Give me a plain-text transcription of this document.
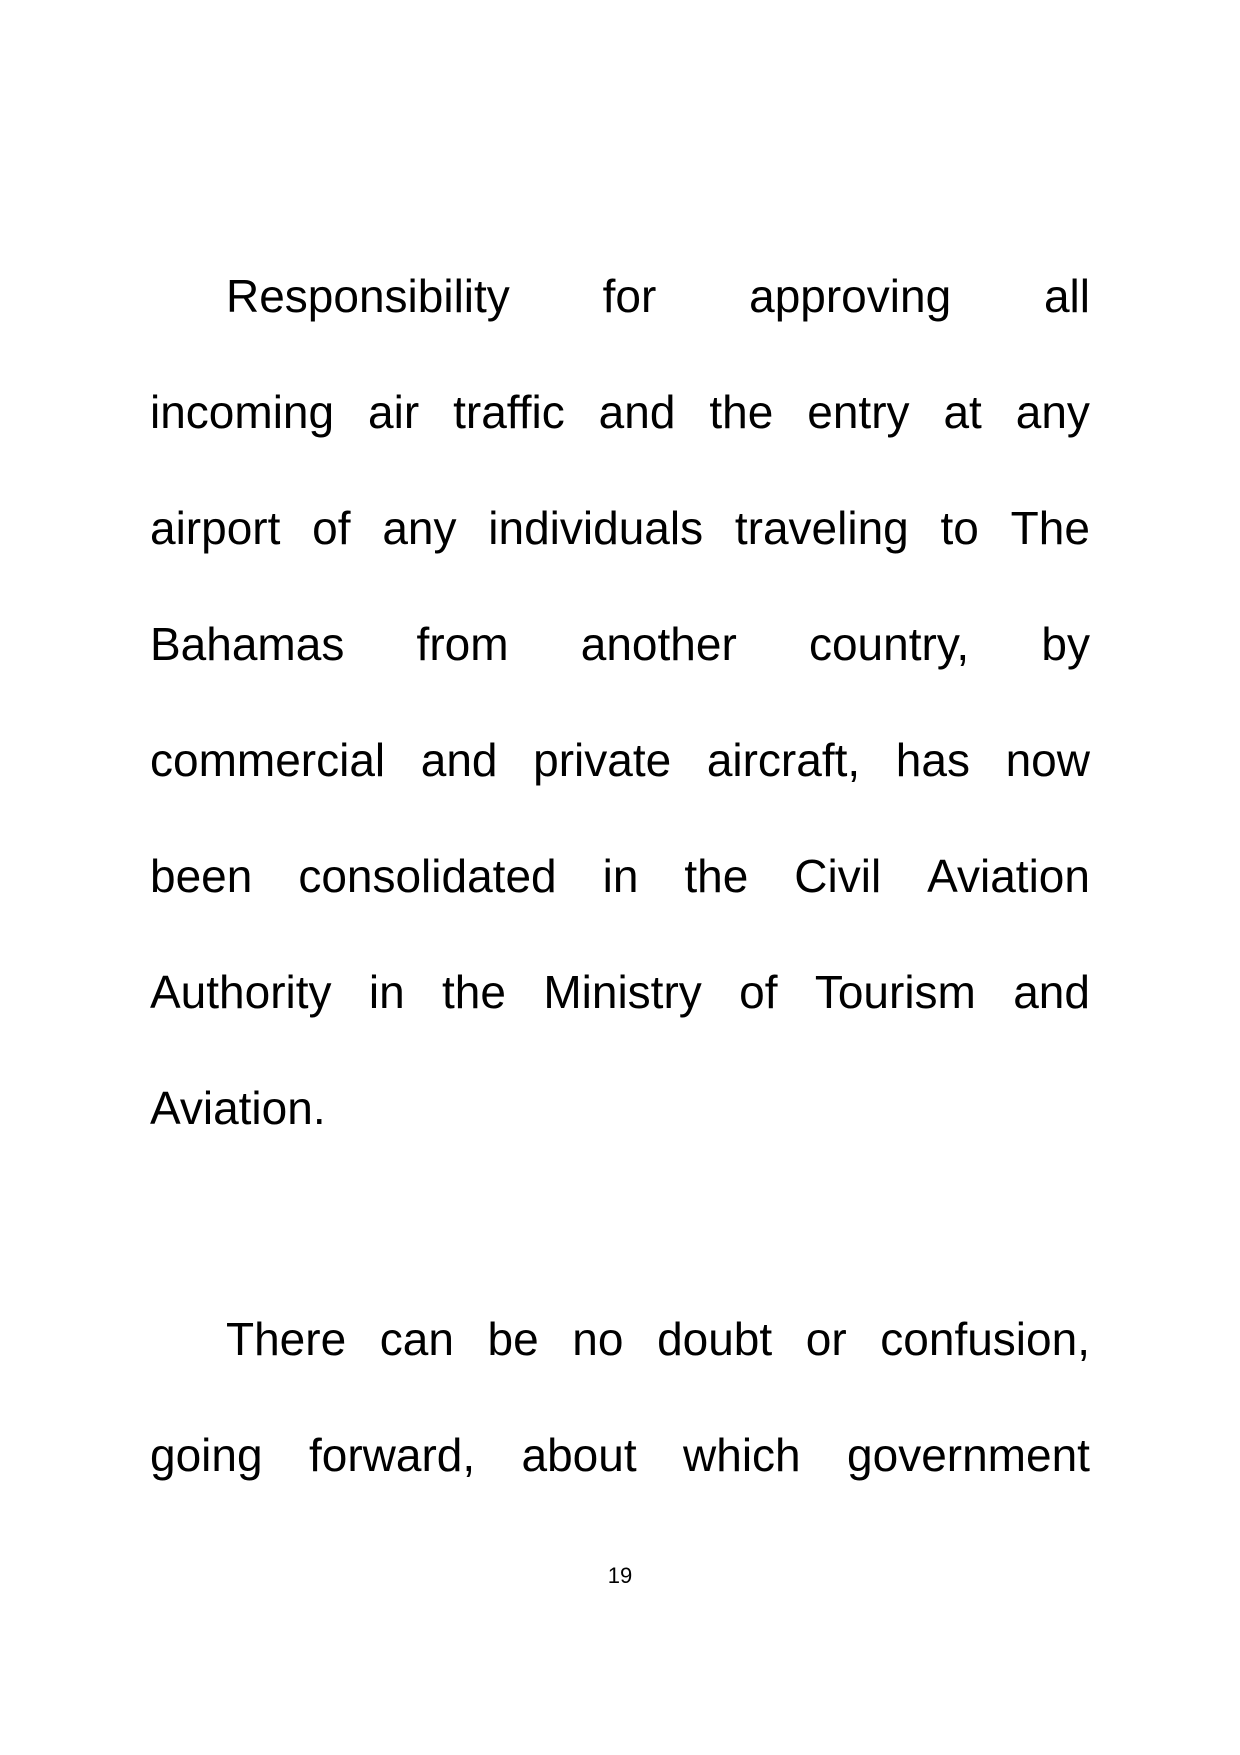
Responsibility for approving all
incoming air traffic and the entry at any
airport of any individuals traveling to The
Bahamas from another country, by
commercial and private aircraft, has now
been consolidated in the Civil Aviation
Authority in the Ministry of Tourism and
Aviation.
There can be no doubt or confusion,
going forward, about which government
19
